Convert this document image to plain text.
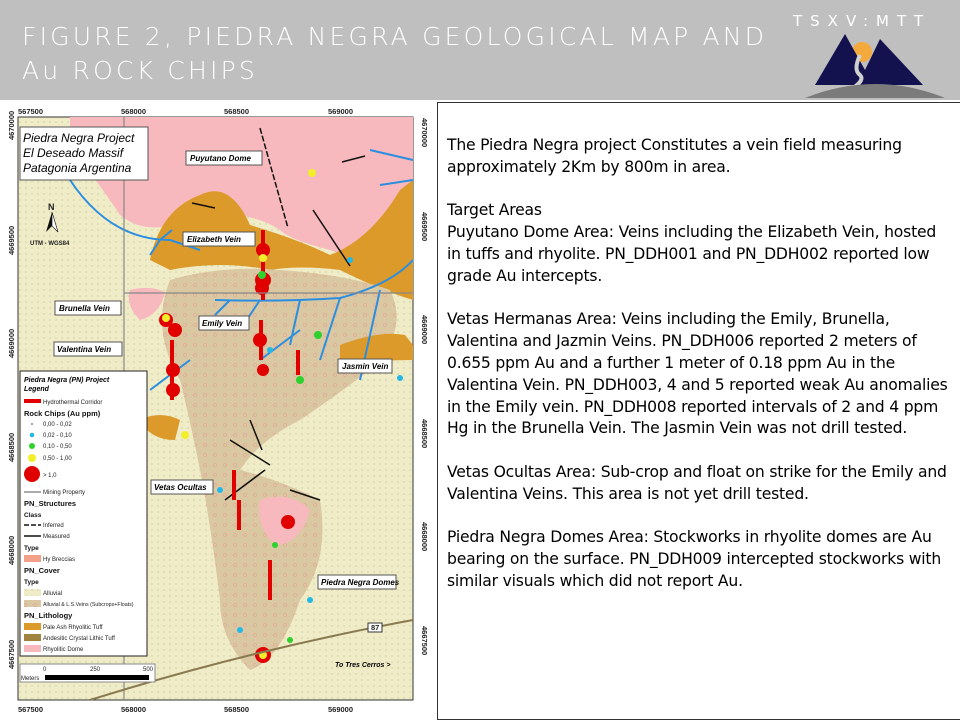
FIGURE 2, PIEDRA NEGRA GEOLOGICAL MAP AND
Au ROCK CHIPS
TSXV:MTT
87
To Tres Cerros >
Piedra Negra Project
El Deseado Massif
Patagonia Argentina
N
UTM - WGS84
Puyutano Dome
Elizabeth Vein
Brunella Vein
Emily Vein
Valentina Vein
Jasmin Vein
Vetas Ocultas
Piedra Negra Domes
Piedra Negra (PN) Project
Legend
Hydrothermal Corridor
Rock Chips (Au ppm)
0,00 - 0,02
0,02 - 0,10
0,10 - 0,50
0,50 - 1,00
> 1,0
Mining Property
PN_Structures
Class
Inferred
Measured
Type
Hy Breccias
PN_Cover
Type
Alluvial
Alluvial & L.S.Veins (Subcrops+Floats)
PN_Lithology
Pale Ash Rhyolitic Tuff
Andesitic Crystal Lithic Tuff
Rhyolitic Dome
0	250	500
Meters
567500	568000	568500	569000
567500	568000	568500	569000
4670000
4669500
4669000
4668500
4668000
4667500
4670000
4669500
4669000
4668500
4668000
4667500

The Piedra Negra project Constitutes a vein field measuring approximately 2Km by 800m in area.

Target Areas
Puyutano Dome Area: Veins including the Elizabeth Vein, hosted in tuffs and rhyolite. PN_DDH001 and PN_DDH002 reported low grade Au intercepts.

Vetas Hermanas Area: Veins including the Emily, Brunella, Valentina and Jazmin Veins. PN_DDH006 reported 2 meters of 0.655 ppm Au and a further 1 meter of 0.18 ppm Au in the Valentina Vein. PN_DDH003, 4 and 5 reported weak Au anomalies in the Emily vein. PN_DDH008 reported intervals of 2 and 4 ppm Hg in the Brunella Vein. The Jasmin Vein was not drill tested.

Vetas Ocultas Area: Sub-crop and float on strike for the Emily and Valentina Veins. This area is not yet drill tested.

Piedra Negra Domes Area: Stockworks in rhyolite domes are Au bearing on the surface. PN_DDH009 intercepted stockworks with similar visuals which did not report Au.
